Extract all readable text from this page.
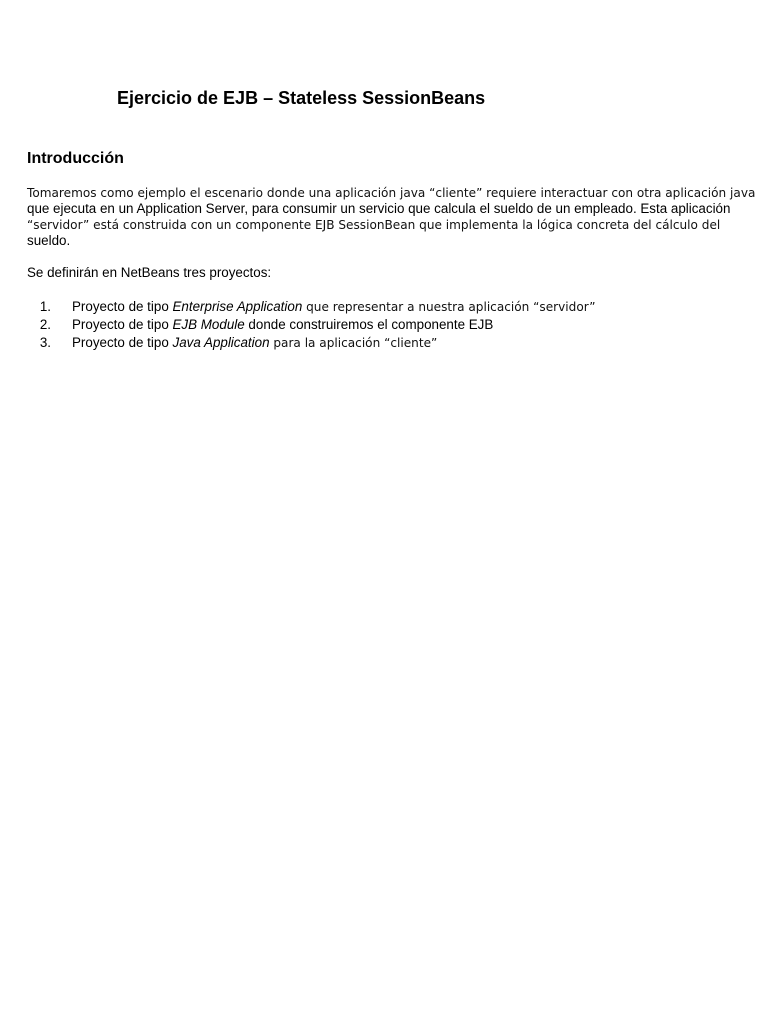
Ejercicio de EJB – Stateless SessionBeans
Introducción

Tomaremos como ejemplo el escenario donde una aplicación java “cliente” requiere interactuar con otra aplicación java
que ejecuta en un Application Server, para consumir un servicio que calcula el sueldo de un empleado. Esta aplicación
“servidor” está construida con un componente EJB SessionBean que implementa la lógica concreta del cálculo del
sueldo.

Se definirán en NetBeans tres proyectos:

1. Proyecto de tipo Enterprise Application que representar a nuestra aplicación “servidor”
2. Proyecto de tipo EJB Module donde construiremos el componente EJB
3. Proyecto de tipo Java Application para la aplicación “cliente”
